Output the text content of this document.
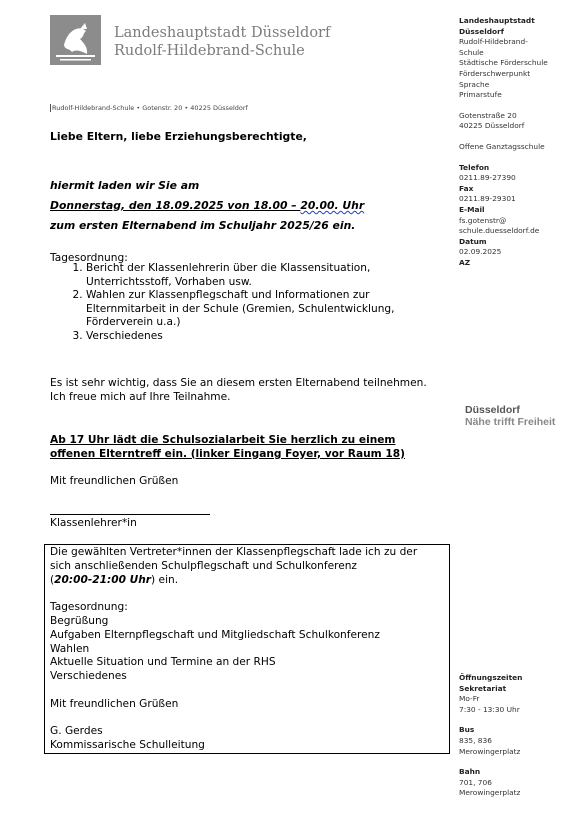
Landeshauptstadt Düsseldorf
Rudolf-Hildebrand-Schule
Rudolf-Hildebrand-Schule • Gotenstr. 20 • 40225 Düsseldorf
Landeshauptstadt
Düsseldorf
Rudolf-Hildebrand-
Schule
Städtische Förderschule
Förderschwerpunkt
Sprache
Primarstufe
Gotenstraße 20
40225 Düsseldorf
Offene Ganztagsschule
Telefon
0211.89-27390
Fax
0211.89-29301
E-Mail
fs.gotenstr@
schule.duesseldorf.de
Datum
02.09.2025
AZ
Düsseldorf
Nähe trifft Freiheit
Öffnungszeiten
Sekretariat
Mo-Fr
7:30 - 13:30 Uhr
Bus
835, 836
Merowingerplatz
Bahn
701, 706
Merowingerplatz
Liebe Eltern, liebe Erziehungsberechtigte,
hiermit laden wir Sie am
Donnerstag, den 18.09.2025 von 18.00 – 20.00. Uhr
zum ersten Elternabend im Schuljahr 2025/26 ein.
Tagesordnung:
1. Bericht der Klassenlehrerin über die Klassensituation, Unterrichtsstoff, Vorhaben usw.
2. Wahlen zur Klassenpflegschaft und Informationen zur Elternmitarbeit in der Schule (Gremien, Schulentwicklung, Förderverein u.a.)
3. Verschiedenes
Es ist sehr wichtig, dass Sie an diesem ersten Elternabend teilnehmen.
Ich freue mich auf Ihre Teilnahme.
Ab 17 Uhr lädt die Schulsozialarbeit Sie herzlich zu einem
offenen Elterntreff ein. (linker Eingang Foyer, vor Raum 18)
Mit freundlichen Grüßen
Klassenlehrer*in
Die gewählten Vertreter*innen der Klassenpflegschaft lade ich zu der
sich anschließenden Schulpflegschaft und Schulkonferenz
(20:00-21:00 Uhr) ein.
Tagesordnung:
Begrüßung
Aufgaben Elternpflegschaft und Mitgliedschaft Schulkonferenz
Wahlen
Aktuelle Situation und Termine an der RHS
Verschiedenes
Mit freundlichen Grüßen
G. Gerdes
Kommissarische Schulleitung
